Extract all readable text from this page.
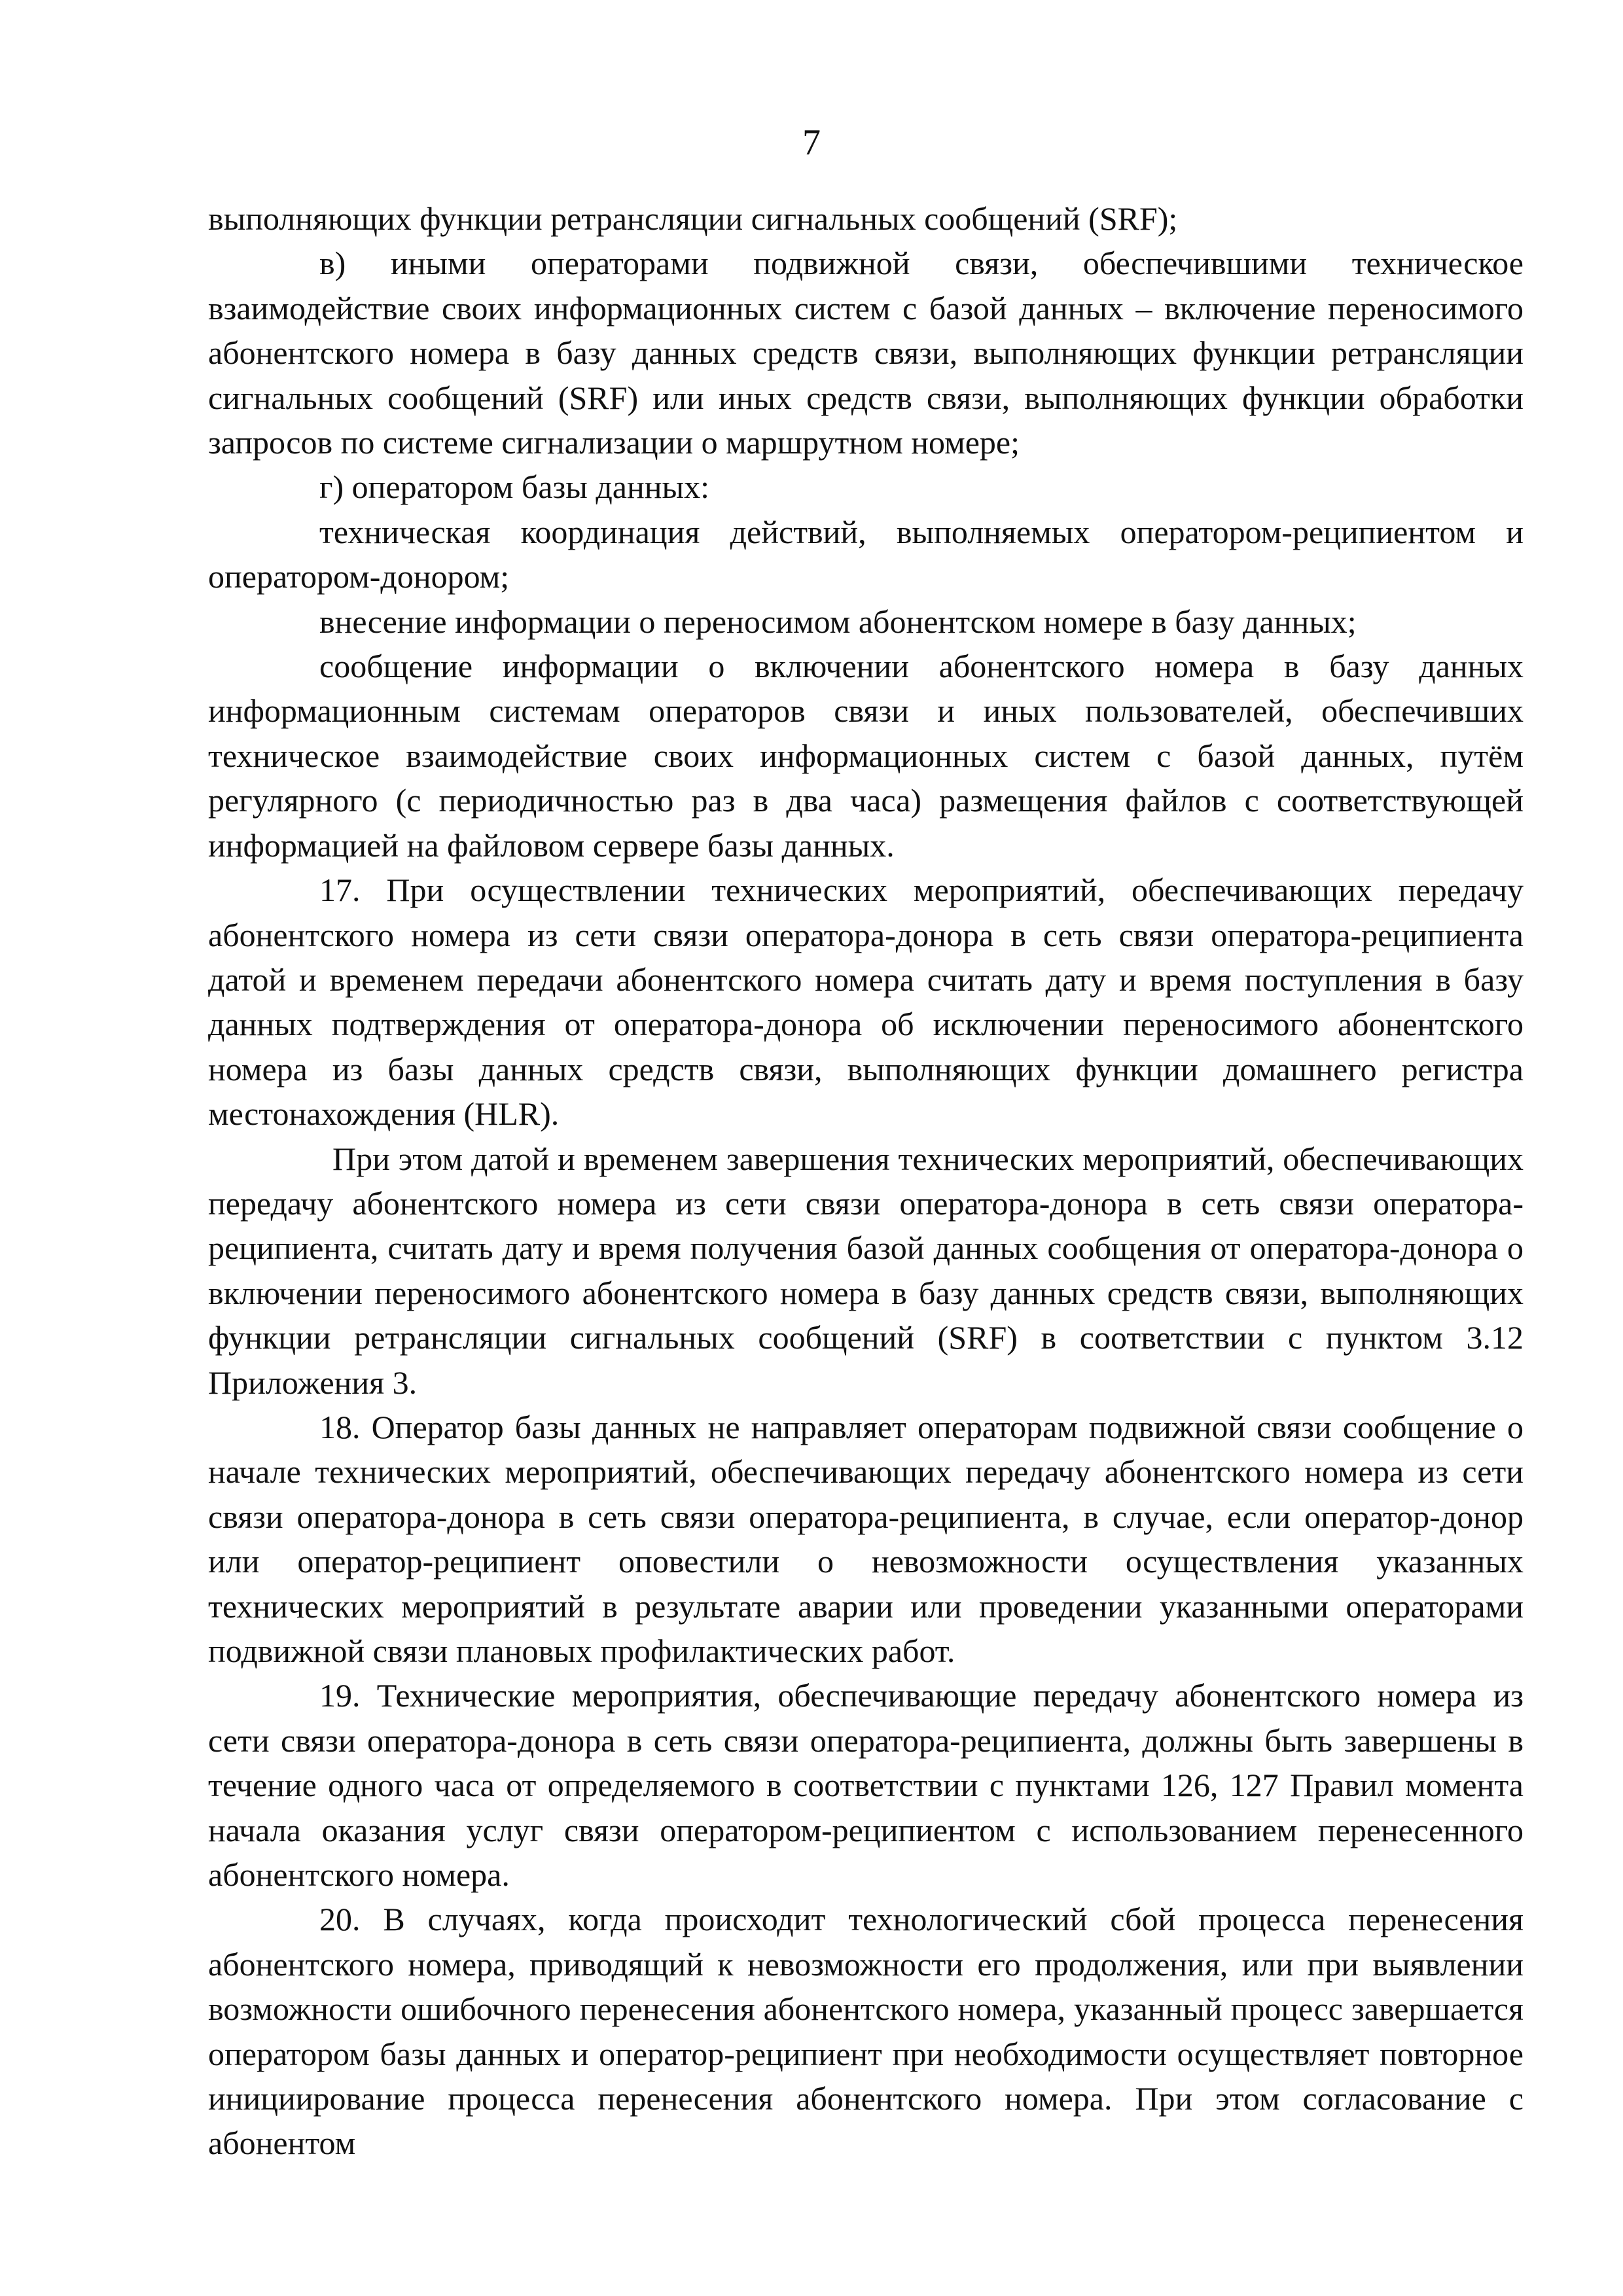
7

выполняющих функции ретрансляции сигнальных сообщений (SRF);

в) иными операторами подвижной связи, обеспечившими техническое взаимодействие своих информационных систем с базой данных – включение переносимого абонентского номера в базу данных средств связи, выполняющих функции ретрансляции сигнальных сообщений (SRF) или иных средств связи, выполняющих функции обработки запросов по системе сигнализации о маршрутном номере;

г) оператором базы данных:

техническая координация действий, выполняемых оператором-реципиентом и оператором-донором;

внесение информации о переносимом абонентском номере в базу данных;

сообщение информации о включении абонентского номера в базу данных информационным системам операторов связи и иных пользователей, обеспечивших техническое взаимодействие своих информационных систем с базой данных, путём регулярного (с периодичностью раз в два часа) размещения файлов с соответствующей информацией на файловом сервере базы данных.

17. При осуществлении технических мероприятий, обеспечивающих передачу абонентского номера из сети связи оператора-донора в сеть связи оператора-реципиента датой и временем передачи абонентского номера считать дату и время поступления в базу данных подтверждения от оператора-донора об исключении переносимого абонентского номера из базы данных средств связи, выполняющих функции домашнего регистра местонахождения (HLR).

При этом датой и временем завершения технических мероприятий, обеспечивающих передачу абонентского номера из сети связи оператора-донора в сеть связи оператора-реципиента, считать дату и время получения базой данных сообщения от оператора-донора о включении переносимого абонентского номера в базу данных средств связи, выполняющих функции ретрансляции сигнальных сообщений (SRF) в соответствии с пунктом 3.12 Приложения 3.

18. Оператор базы данных не направляет операторам подвижной связи сообщение о начале технических мероприятий, обеспечивающих передачу абонентского номера из сети связи оператора-донора в сеть связи оператора-реципиента, в случае, если оператор-донор или оператор-реципиент оповестили о невозможности осуществления указанных технических мероприятий в результате аварии или проведении указанными операторами подвижной связи плановых профилактических работ.

19. Технические мероприятия, обеспечивающие передачу абонентского номера из сети связи оператора-донора в сеть связи оператора-реципиента, должны быть завершены в течение одного часа от определяемого в соответствии с пунктами 126, 127 Правил момента начала оказания услуг связи оператором-реципиентом с использованием перенесенного абонентского номера.

20. В случаях, когда происходит технологический сбой процесса перенесения абонентского номера, приводящий к невозможности его продолжения, или при выявлении возможности ошибочного перенесения абонентского номера, указанный процесс завершается оператором базы данных и оператор-реципиент при необходимости осуществляет повторное инициирование процесса перенесения абонентского номера. При этом согласование с абонентом
